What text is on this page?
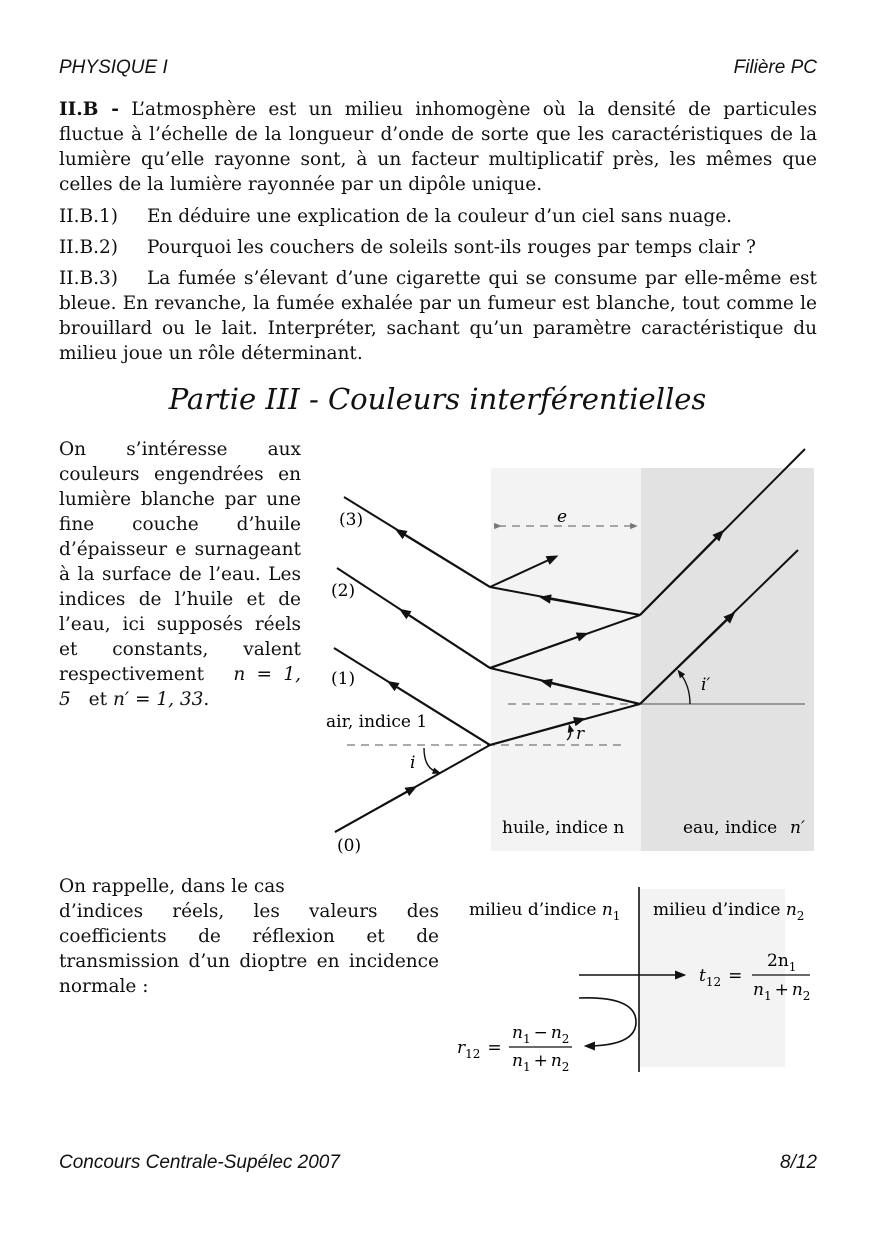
PHYSIQUE I	Filière PC
II.B - L’atmosphère est un milieu inhomogène où la densité de particules fluctue à l’échelle de la longueur d’onde de sorte que les caractéristiques de la lumière qu’elle rayonne sont, à un facteur multiplicatif près, les mêmes que celles de la lumière rayonnée par un dipôle unique.
II.B.1) En déduire une explication de la couleur d’un ciel sans nuage.
II.B.2) Pourquoi les couchers de soleils sont-ils rouges par temps clair ?
II.B.3) La fumée s’élevant d’une cigarette qui se consume par elle-même est bleue. En revanche, la fumée exhalée par un fumeur est blanche, tout comme le brouillard ou le lait. Interpréter, sachant qu’un paramètre caractéristique du milieu joue un rôle déterminant.
Partie III - Couleurs interférentielles
On s’intéresse aux couleurs engendrées en lumière blanche par une fine couche d’huile d’épaisseur e surnageant à la surface de l’eau. Les indices de l’huile et de l’eau, ici supposés réels et constants, valent respectivement n = 1, 5 et n′ = 1, 33.
(0)
(1)
(2)
(3)	e
air, indice 1
huile, indice n	eau, indice n′
i
r
i′
On rappelle, dans le cas
d’indices réels, les valeurs des coefficients de réflexion et de transmission d’un dioptre en incidence normale :
milieu d’indice $n_1$ milieu d’indice $n_2$
$t_{12}$ =
$2n_1$
$n_1 + n_2$
$r_{12}$ =
$n_1 - n_2$
$n_1 + n_2$
Concours Centrale-Supélec 2007	8/12
